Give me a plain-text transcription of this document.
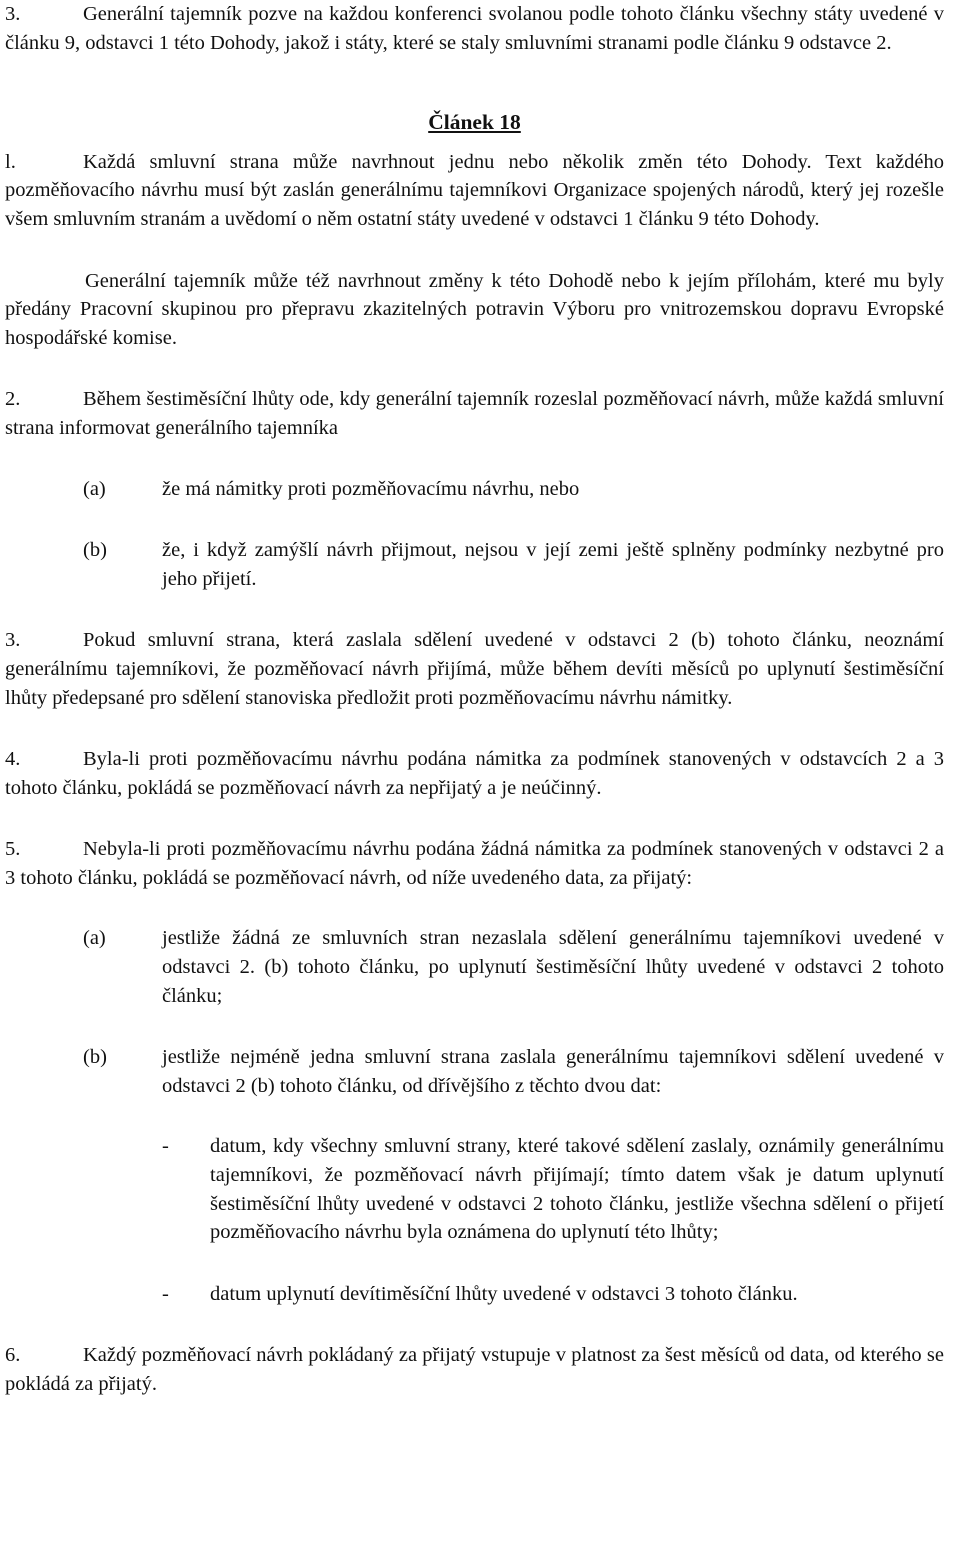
3.	Generální tajemník pozve na každou konferenci svolanou podle tohoto článku všechny státy uvedené v článku 9, odstavci 1 této Dohody, jakož i státy, které se staly smluvními stranami podle článku 9 odstavce 2.

Článek 18

l.	Každá smluvní strana může navrhnout jednu nebo několik změn této Dohody. Text každého pozměňovacího návrhu musí být zaslán generálnímu tajemníkovi Organizace spojených národů, který jej rozešle všem smluvním stranám a uvědomí o něm ostatní státy uvedené v odstavci 1 článku 9 této Dohody.

Generální tajemník může též navrhnout změny k této Dohodě nebo k jejím přílohám, které mu byly předány Pracovní skupinou pro přepravu zkazitelných potravin Výboru pro vnitrozemskou dopravu Evropské hospodářské komise.

2.	Během šestiměsíční lhůty ode, kdy generální tajemník rozeslal pozměňovací návrh, může každá smluvní strana informovat generálního tajemníka

(a)	že má námitky proti pozměňovacímu návrhu, nebo
(b)	že, i když zamýšlí návrh přijmout, nejsou v její zemi ještě splněny podmínky nezbytné pro jeho přijetí.

3.	Pokud smluvní strana, která zaslala sdělení uvedené v odstavci 2 (b) tohoto článku, neoznámí generálnímu tajemníkovi, že pozměňovací návrh přijímá, může během devíti měsíců po uplynutí šestiměsíční lhůty předepsané pro sdělení stanoviska předložit proti pozměňovacímu návrhu námitky.

4.	Byla-li proti pozměňovacímu návrhu podána námitka za podmínek stanovených v odstavcích 2 a 3 tohoto článku, pokládá se pozměňovací návrh za nepřijatý a je neúčinný.

5.	Nebyla-li proti pozměňovacímu návrhu podána žádná námitka za podmínek stanovených v odstavci 2 a 3 tohoto článku, pokládá se pozměňovací návrh, od níže uvedeného data, za přijatý:

(a)	jestliže žádná ze smluvních stran nezaslala sdělení generálnímu tajemníkovi uvedené v odstavci 2. (b) tohoto článku, po uplynutí šestiměsíční lhůty uvedené v odstavci 2 tohoto článku;
(b)	jestliže nejméně jedna smluvní strana zaslala generálnímu tajemníkovi sdělení uvedené v odstavci 2 (b) tohoto článku, od dřívějšího z těchto dvou dat:
-	datum, kdy všechny smluvní strany, které takové sdělení zaslaly, oznámily generálnímu tajemníkovi, že pozměňovací návrh přijímají; tímto datem však je datum uplynutí šestiměsíční lhůty uvedené v odstavci 2 tohoto článku, jestliže všechna sdělení o přijetí pozměňovacího návrhu byla oznámena do uplynutí této lhůty;
-	datum uplynutí devítiměsíční lhůty uvedené v odstavci 3 tohoto článku.

6.	Každý pozměňovací návrh pokládaný za přijatý vstupuje v platnost za šest měsíců od data, od kterého se pokládá za přijatý.
